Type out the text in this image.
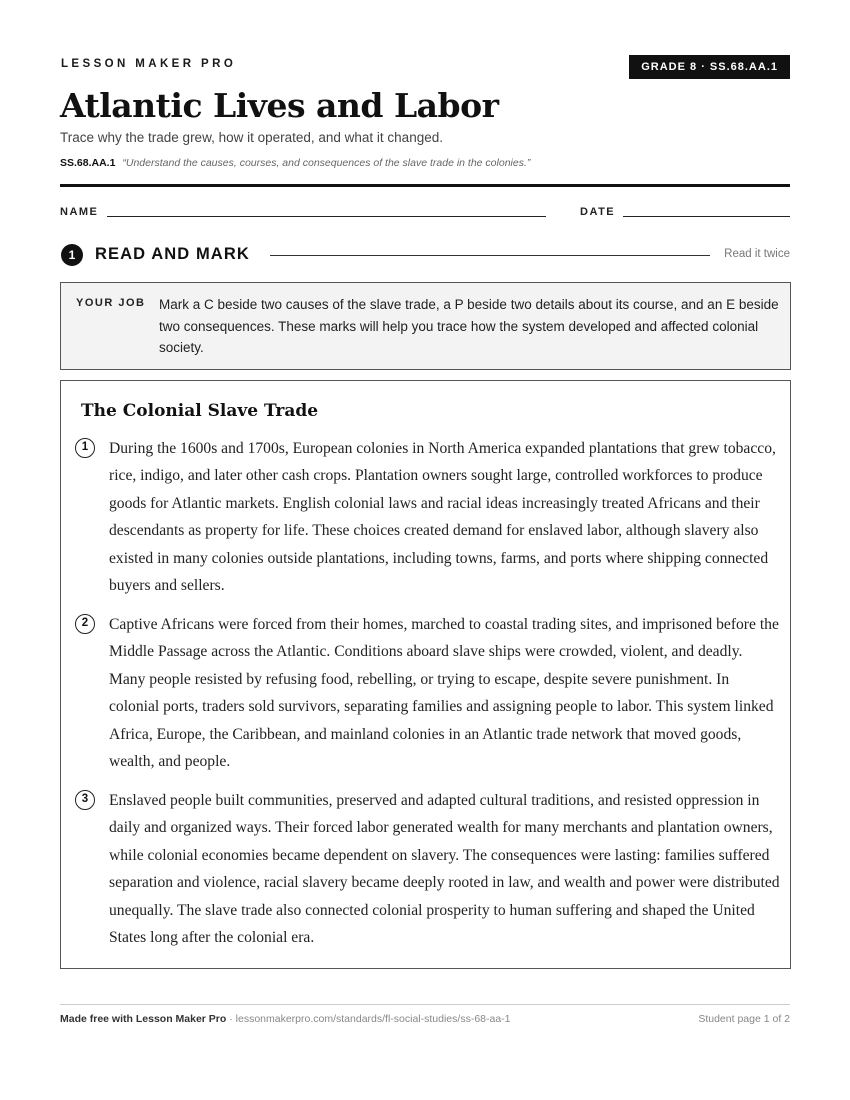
LESSON MAKER PRO	GRADE 8 · SS.68.AA.1
Atlantic Lives and Labor
Trace why the trade grew, how it operated, and what it changed.
SS.68.AA.1 “Understand the causes, courses, and consequences of the slave trade in the colonies.”
NAME	DATE
1	READ AND MARK	Read it twice
YOUR JOB Mark a C beside two causes of the slave trade, a P beside two details about its course, and an E beside two consequences. These marks will help you trace how the system developed and affected colonial society.
The Colonial Slave Trade
1	During the 1600s and 1700s, European colonies in North America expanded plantations that grew tobacco, rice, indigo, and later other cash crops. Plantation owners sought large, controlled workforces to produce goods for Atlantic markets. English colonial laws and racial ideas increasingly treated Africans and their descendants as property for life. These choices created demand for enslaved labor, although slavery also existed in many colonies outside plantations, including towns, farms, and ports where shipping connected buyers and sellers.
2	Captive Africans were forced from their homes, marched to coastal trading sites, and imprisoned before the Middle Passage across the Atlantic. Conditions aboard slave ships were crowded, violent, and deadly. Many people resisted by refusing food, rebelling, or trying to escape, despite severe punishment. In colonial ports, traders sold survivors, separating families and assigning people to labor. This system linked Africa, Europe, the Caribbean, and mainland colonies in an Atlantic trade network that moved goods, wealth, and people.
3	Enslaved people built communities, preserved and adapted cultural traditions, and resisted oppression in daily and organized ways. Their forced labor generated wealth for many merchants and plantation owners, while colonial economies became dependent on slavery. The consequences were lasting: families suffered separation and violence, racial slavery became deeply rooted in law, and wealth and power were distributed unequally. The slave trade also connected colonial prosperity to human suffering and shaped the United States long after the colonial era.
Made free with Lesson Maker Pro · lessonmakerpro.com/standards/fl-social-studies/ss-68-aa-1	Student page 1 of 2
